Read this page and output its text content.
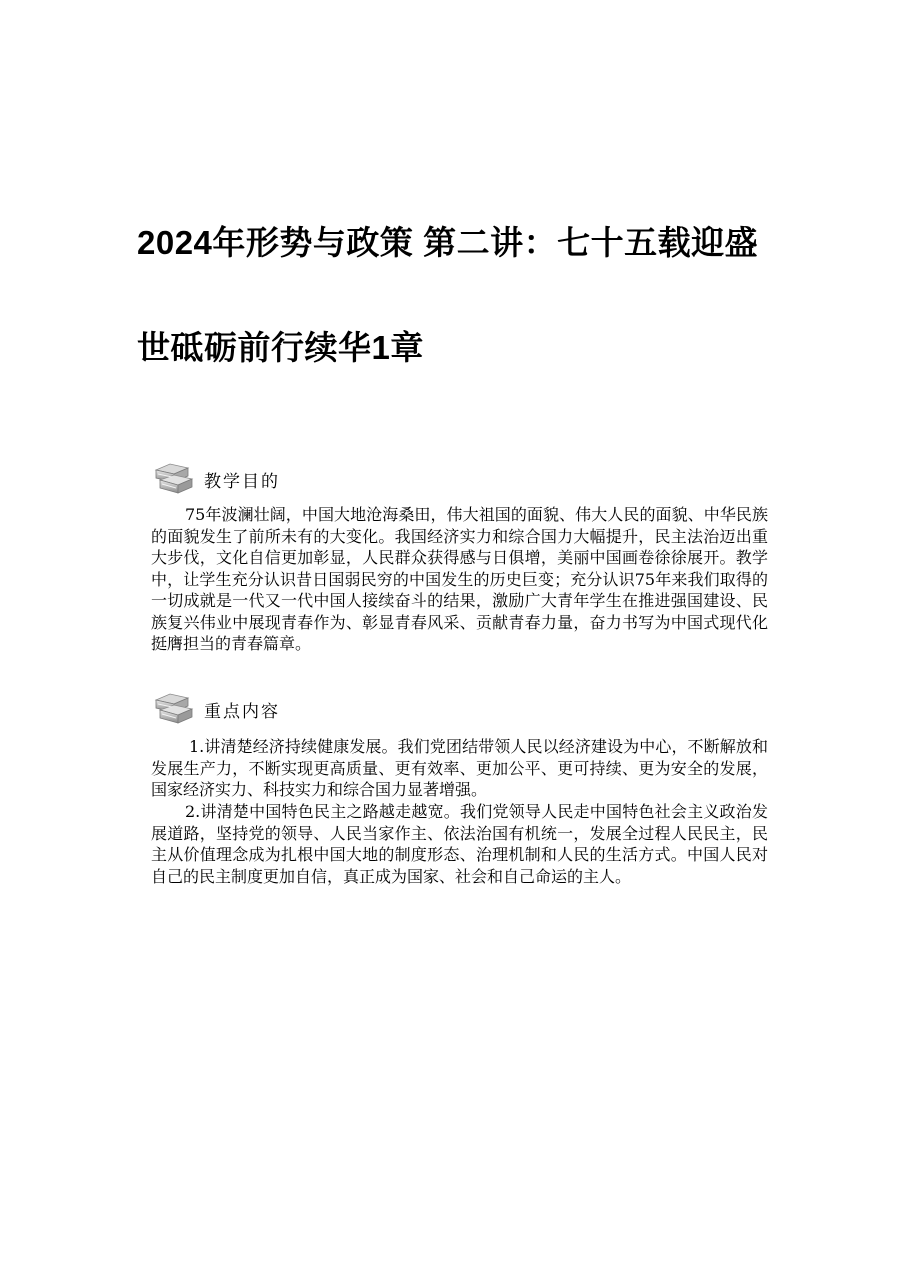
2024年形势与政策 第二讲：七十五载迎盛
世砥砺前行续华1章
教学目的

75年波澜壮阔，中国大地沧海桑田，伟大祖国的面貌、伟大人民的面貌、中华民族的面貌发生了前所未有的大变化。我国经济实力和综合国力大幅提升，民主法治迈出重大步伐，文化自信更加彰显，人民群众获得感与日俱增，美丽中国画卷徐徐展开。教学中，让学生充分认识昔日国弱民穷的中国发生的历史巨变；充分认识75年来我们取得的一切成就是一代又一代中国人接续奋斗的结果，激励广大青年学生在推进强国建设、民族复兴伟业中展现青春作为、彰显青春风采、贡献青春力量，奋力书写为中国式现代化挺膺担当的青春篇章。

重点内容

1.讲清楚经济持续健康发展。我们党团结带领人民以经济建设为中心，不断解放和发展生产力，不断实现更高质量、更有效率、更加公平、更可持续、更为安全的发展，国家经济实力、科技实力和综合国力显著增强。

2.讲清楚中国特色民主之路越走越宽。我们党领导人民走中国特色社会主义政治发展道路，坚持党的领导、人民当家作主、依法治国有机统一，发展全过程人民民主，民主从价值理念成为扎根中国大地的制度形态、治理机制和人民的生活方式。中国人民对自己的民主制度更加自信，真正成为国家、社会和自己命运的主人。
